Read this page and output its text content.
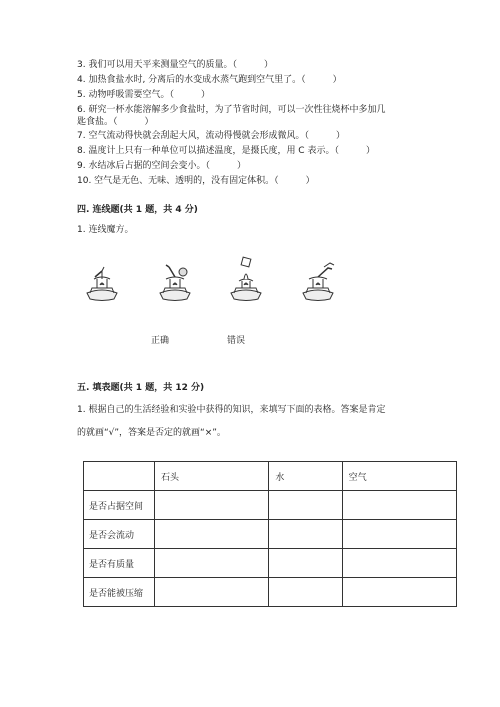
3. 我们可以用天平来测量空气的质量。（　　　）
4. 加热食盐水时, 分离后的水变成水蒸气跑到空气里了。（　　　）
5. 动物呼吸需要空气。（　　　）
6. 研究一杯水能溶解多少食盐时，为了节省时间，可以一次性往烧杯中多加几
匙食盐。（　　　）
7. 空气流动得快就会刮起大风，流动得慢就会形成微风。（　　　）
8. 温度计上只有一种单位可以描述温度，是摄氏度，用 C 表示。（　　　）
9. 水结冰后占据的空间会变小。（　　　）
10. 空气是无色、无味、透明的，没有固定体积。（　　　）
四. 连线题(共 1 题，共 4 分)
1. 连线魔方。
正确	错误
五. 填表题(共 1 题，共 12 分)
1. 根据自己的生活经验和实验中获得的知识，来填写下面的表格。答案是肯定
的就画“√”，答案是否定的就画“×”。
	石头	水	空气
是否占据空间			
是否会流动			
是否有质量			
是否能被压缩			
